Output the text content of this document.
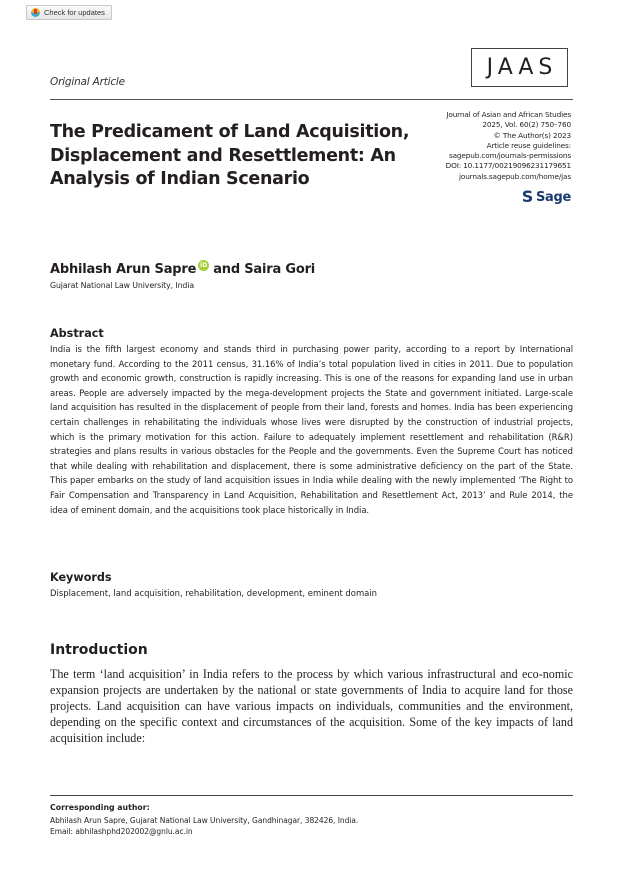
Check for updates
Original Article
JAAS
Journal of Asian and African Studies
2025, Vol. 60(2) 750–760
© The Author(s) 2023
Article reuse guidelines:
sagepub.com/journals-permissions
DOI: 10.1177/00219096231179651
journals.sagepub.com/home/jas
S Sage
The Predicament of Land Acquisition, Displacement and Resettlement: An Analysis of Indian Scenario
Abhilash Arun Sapre iD and Saira Gori
Gujarat National Law University, India
Abstract
India is the fifth largest economy and stands third in purchasing power parity, according to a report by International monetary fund. According to the 2011 census, 31.16% of India’s total population lived in cities in 2011. Due to population growth and economic growth, construction is rapidly increasing. This is one of the reasons for expanding land use in urban areas. People are adversely impacted by the mega-development projects the State and government initiated. Large-scale land acquisition has resulted in the displacement of people from their land, forests and homes. India has been experiencing certain challenges in rehabilitating the individuals whose lives were disrupted by the construction of industrial projects, which is the primary motivation for this action. Failure to adequately implement resettlement and rehabilitation (R&R) strategies and plans results in various obstacles for the People and the governments. Even the Supreme Court has noticed that while dealing with rehabilitation and displacement, there is some administrative deficiency on the part of the State. This paper embarks on the study of land acquisition issues in India while dealing with the newly implemented ‘The Right to Fair Compensation and Transparency in Land Acquisition, Rehabilitation and Resettlement Act, 2013’ and Rule 2014, the idea of eminent domain, and the acquisitions took place historically in India.
Keywords
Displacement, land acquisition, rehabilitation, development, eminent domain
Introduction
The term ‘land acquisition’ in India refers to the process by which various infrastructural and eco-nomic expansion projects are undertaken by the national or state governments of India to acquire land for those projects. Land acquisition can have various impacts on individuals, communities and the environment, depending on the specific context and circumstances of the acquisition. Some of the key impacts of land acquisition include:
Corresponding author:
Abhilash Arun Sapre, Gujarat National Law University, Gandhinagar, 382426, India.
Email: abhilashphd202002@gnlu.ac.in
